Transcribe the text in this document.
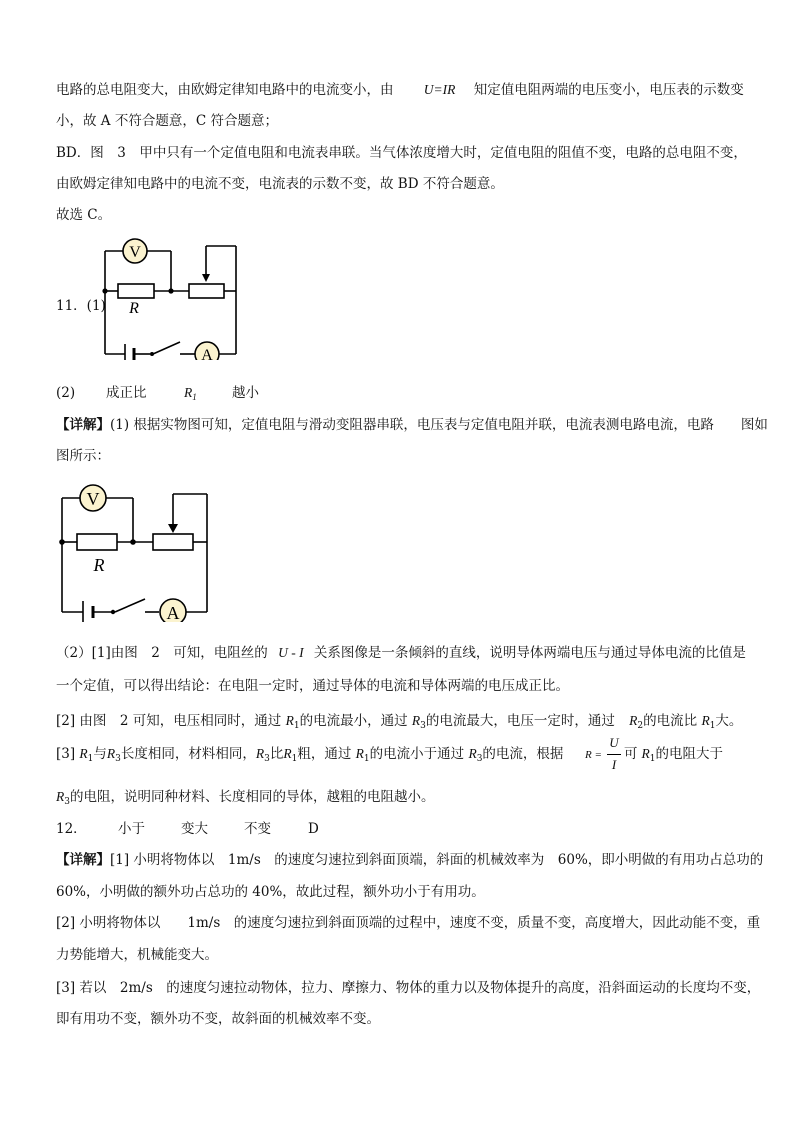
电路的总电阻变大，由欧姆定律知电路中的电流变小，由 U=IR 知定值电阻两端的电压变小，电压表的示数变
小，故 A 不符合题意，C 符合题意；
BD．图　3　甲中只有一个定值电阻和电流表串联。当气体浓度增大时，定值电阻的阻值不变，电路的总电阻不变，
由欧姆定律知电路中的电流不变，电流表的示数不变，故 BD 不符合题意。
故选 C。
11．(1)
V
A
R
(2) 成正比	$R_1$	越小
【详解】(1) 根据实物图可知，定值电阻与滑动变阻器串联，电压表与定值电阻并联，电流表测电路电流，电路　　图如
图所示：
V
A
R
（2）[1]由图　2　可知，电阻丝的 U - I 关系图像是一条倾斜的直线，说明导体两端电压与通过导体电流的比值是
一个定值，可以得出结论：在电阻一定时，通过导体的电流和导体两端的电压成正比。
[2] 由图　2 可知，电压相同时，通过 $R_1$的电流最小，通过 $R_3$的电流最大，电压一定时，通过 $R_2$的电流比 $R_1$大。
[3] $R_1$与$R_3$长度相同，材料相同，$R_3$比$R_1$粗，通过 $R_1$的电流小于通过 $R_3$的电流，根据 R =
U
I
可 $R_1$的电阻大于
$R_3$的电阻，说明同种材料、长度相同的导体，越粗的电阻越小。
12． 小于	变大	不变	D
【详解】[1] 小明将物体以　1m/s　的速度匀速拉到斜面顶端，斜面的机械效率为　60%，即小明做的有用功占总功的
60%，小明做的额外功占总功的 40%，故此过程，额外功小于有用功。
[2] 小明将物体以　　1m/s　的速度匀速拉到斜面顶端的过程中，速度不变，质量不变，高度增大，因此动能不变，重
力势能增大，机械能变大。
[3] 若以　2m/s　的速度匀速拉动物体，拉力、摩擦力、物体的重力以及物体提升的高度，沿斜面运动的长度均不变，
即有用功不变，额外功不变，故斜面的机械效率不变。
